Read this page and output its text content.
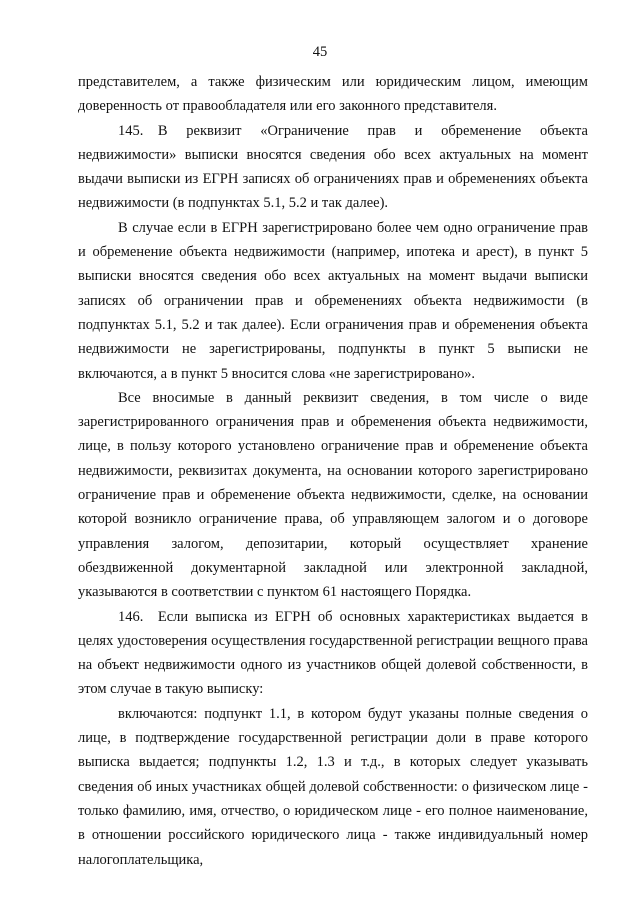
45

представителем, а также физическим или юридическим лицом, имеющим доверенность от правообладателя или его законного представителя.

145. В реквизит «Ограничение прав и обременение объекта недвижимости» выписки вносятся сведения обо всех актуальных на момент выдачи выписки из ЕГРН записях об ограничениях прав и обременениях объекта недвижимости (в подпунктах 5.1, 5.2 и так далее).

В случае если в ЕГРН зарегистрировано более чем одно ограничение прав и обременение объекта недвижимости (например, ипотека и арест), в пункт 5 выписки вносятся сведения обо всех актуальных на момент выдачи выписки записях об ограничении прав и обременениях объекта недвижимости (в подпунктах 5.1, 5.2 и так далее). Если ограничения прав и обременения объекта недвижимости не зарегистрированы, подпункты в пункт 5 выписки не включаются, а в пункт 5 вносится слова «не зарегистрировано».

Все вносимые в данный реквизит сведения, в том числе о виде зарегистрированного ограничения прав и обременения объекта недвижимости, лице, в пользу которого установлено ограничение прав и обременение объекта недвижимости, реквизитах документа, на основании которого зарегистрировано ограничение прав и обременение объекта недвижимости, сделке, на основании которой возникло ограничение права, об управляющем залогом и о договоре управления залогом, депозитарии, который осуществляет хранение обездвиженной документарной закладной или электронной закладной, указываются в соответствии с пунктом 61 настоящего Порядка.

146. Если выписка из ЕГРН об основных характеристиках выдается в целях удостоверения осуществления государственной регистрации вещного права на объект недвижимости одного из участников общей долевой собственности, в этом случае в такую выписку:

включаются: подпункт 1.1, в котором будут указаны полные сведения о лице, в подтверждение государственной регистрации доли в праве которого выписка выдается; подпункты 1.2, 1.3 и т.д., в которых следует указывать сведения об иных участниках общей долевой собственности: о физическом лице - только фамилию, имя, отчество, о юридическом лице - его полное наименование, в отношении российского юридического лица - также индивидуальный номер налогоплательщика,
